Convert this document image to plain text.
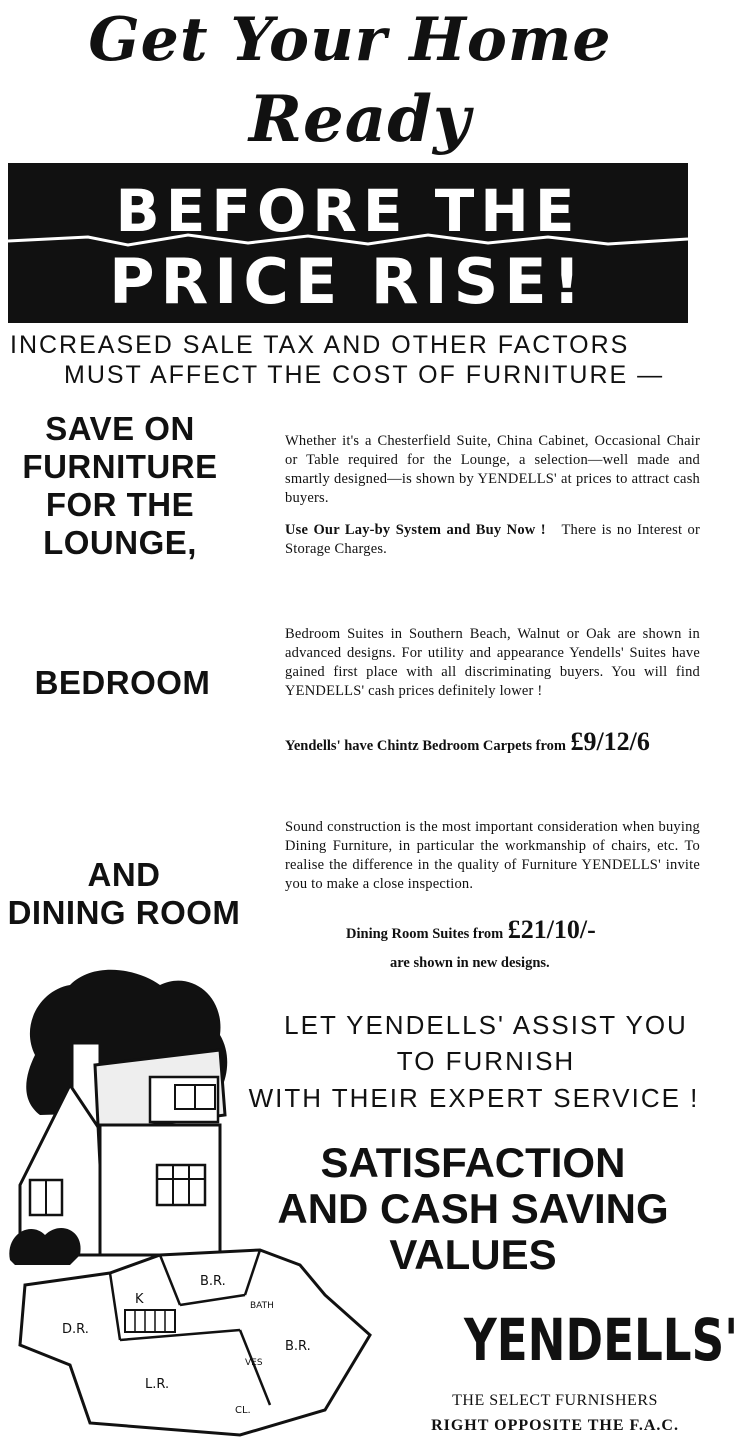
Get Your Home
Ready
BEFORE THE
PRICE RISE!
INCREASED SALE TAX AND OTHER FACTORS
MUST AFFECT THE COST OF FURNITURE —
SAVE ON
FURNITURE
FOR THE
LOUNGE,
Whether it's a Chesterfield Suite, China Cabinet, Occasional Chair or Table required for the Lounge, a selection—well made and smartly designed—is shown by YENDELLS' at prices to attract cash buyers.
Use Our Lay-by System and Buy Now ! There is no Interest or Storage Charges.
BEDROOM
Bedroom Suites in Southern Beach, Walnut or Oak are shown in advanced designs. For utility and appearance Yendells' Suites have gained first place with all discriminating buyers. You will find YENDELLS' cash prices definitely lower !
Yendells' have Chintz Bedroom Carpets from £9/12/6
AND
DINING ROOM
Sound construction is the most important consideration when buying Dining Furniture, in particular the workmanship of chairs, etc. To realise the difference in the quality of Furniture YENDELLS' invite you to make a close inspection.
Dining Room Suites from £21/10/-
are shown in new designs.
D.R.
K
B.R.
BATH
L.R.
B.R.
VES
CL.
LET YENDELLS' ASSIST YOU
TO FURNISH
WITH THEIR EXPERT SERVICE !
SATISFACTION
AND CASH SAVING
VALUES
YENDELLS'
THE SELECT FURNISHERS
RIGHT OPPOSITE THE F.A.C.
